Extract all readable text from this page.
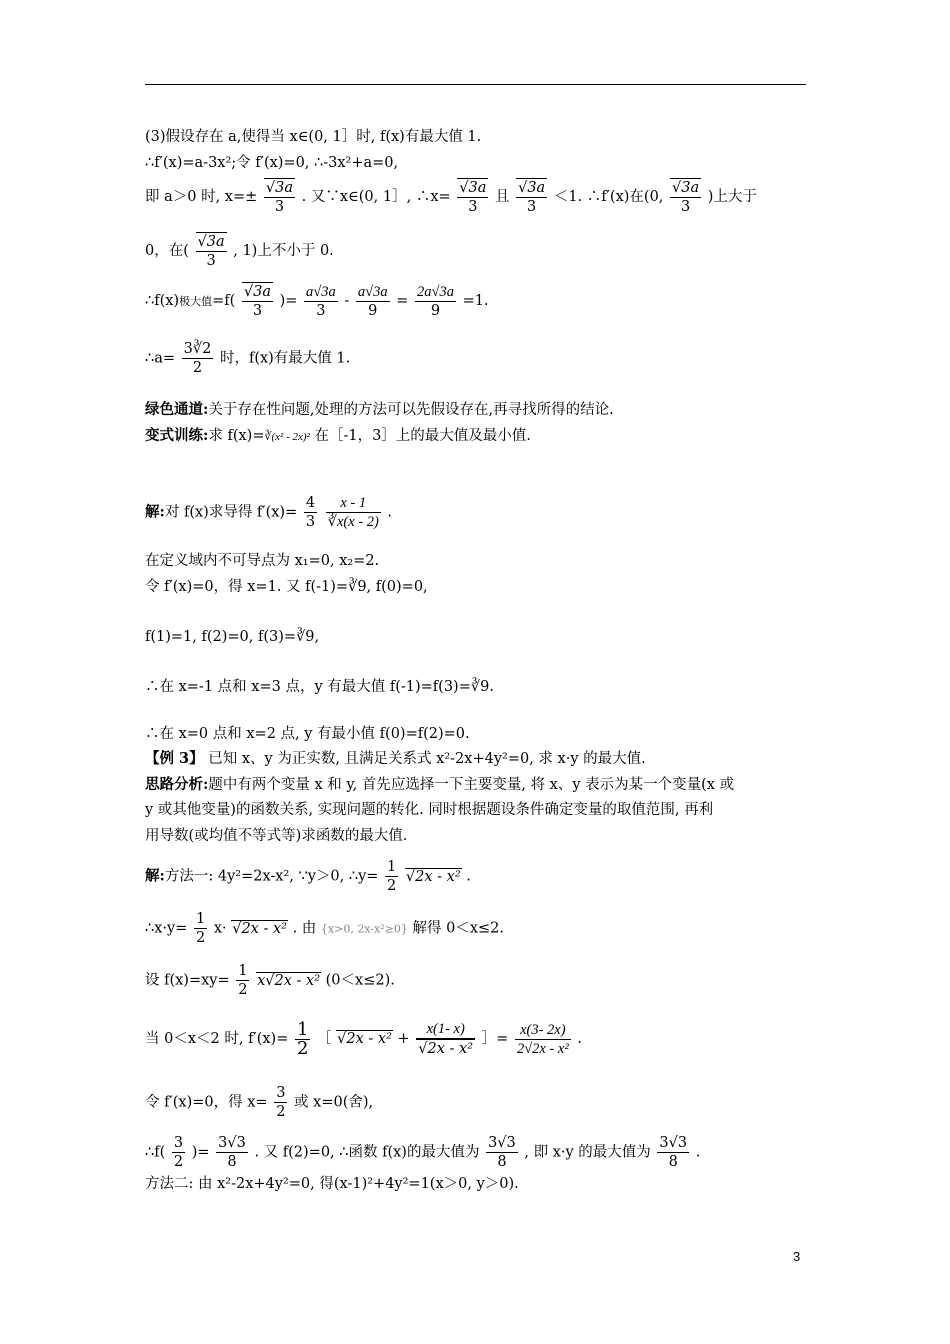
(3)假设存在 a,使得当 x∈(0, 1］时, f(x)有最大值 1.
∴f′(x)=a-3x²;令 f′(x)=0, ∴-3x²+a=0,
即 a＞0 时, $x=\pm \frac{√3a}{3}$ . 又∵x∈(0, 1］, ∴x= $\frac{√3a}{3}$ 且 $\frac{√3a}{3} <1$. ∴f′(x)在(0, $\frac{√3a}{3}$ )上大于
0，在( $\frac{√3a}{3}$ , 1)上不小于 0.
∴f(x)极大值$=f( \frac{√3a}{3}$ )= $\frac{a√3a}{3} - \frac{a√3a}{9} = \frac{2a√3a}{9} =1$.
∴a= $\frac{3∛2}{2}$ 时，f(x)有最大值 1.
绿色通道:关于存在性问题,处理的方法可以先假设存在,再寻找所得的结论.
变式训练:求 f(x)=∛(x² - 2x)² 在［-1，3］上的最大值及最小值.
解:对 f(x)求导得 $f'(x)= \frac{4}{3}$
$\frac{x - 1}{∛x(x - 2)}$ .
在定义域内不可导点为 x₁=0, x₂=2.
令 f′(x)=0，得 x=1. 又 f(-1)=∛9, f(0)=0,
f(1)=1, f(2)=0, f(3)=∛9,
∴在 x=-1 点和 x=3 点，y 有最大值 f(-1)=f(3)=∛9.
∴在 x=0 点和 x=2 点, y 有最小值 f(0)=f(2)=0.
【例 3】 已知 x、y 为正实数, 且满足关系式 x²-2x+4y²=0, 求 x·y 的最大值.
思路分析:题中有两个变量 x 和 y, 首先应选择一下主要变量, 将 x、y 表示为某一个变量(x 或
y 或其他变量)的函数关系, 实现问题的转化. 同时根据题设条件确定变量的取值范围, 再利
用导数(或均值不等式等)求函数的最大值.
解:方法一: 4y²=2x-x², ∵y＞0, ∴y= $\frac{1}{2} √2x - x^2$ .
∴x·y= $\frac{1}{2} x\cdot √2x - x^2$ . 由 {x>0, 2x-x²≥0} 解得 0＜x≤2.
设 $f(x)=xy= \frac{1}{2} x√2x - x^2$ (0＜x≤2).
当 0＜x＜2 时, $f'(x)= \frac{1}{2}$ ［ $√2x - x^2 + \frac{x(1- x)}{\text{√2x - x²}}$ ］= $\frac{x(3- 2x)}{\text{2√2x - x²}}$ .
令 f′(x)=0，得 $x= \frac{3}{2}$ 或 x=0(舍),
∴f( $\frac{3}{2}$ )= $\frac{3√3}{8}$ . 又 f(2)=0, ∴函数 f(x)的最大值为 $\frac{3√3}{8}$ , 即 x·y 的最大值为 $\frac{3√3}{8}$ .
方法二: 由 x²-2x+4y²=0, 得(x-1)²+4y²=1(x＞0, y＞0).
3
